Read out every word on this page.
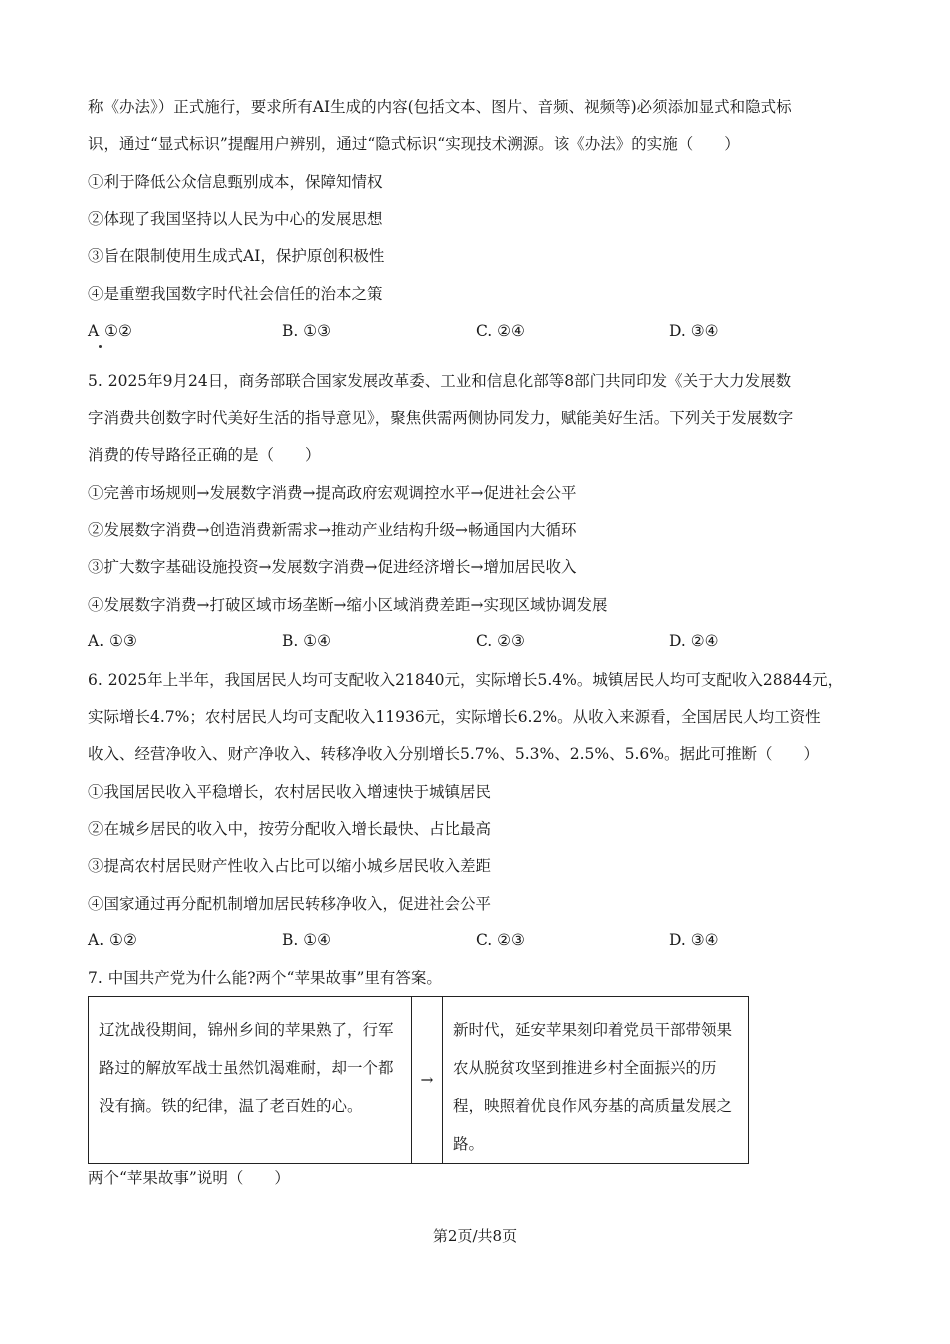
称《办法》）正式施行，要求所有AI生成的内容(包括文本、图片、音频、视频等)必须添加显式和隐式标
识，通过“显式标识”提醒用户辨别，通过“隐式标识“实现技术溯源。该《办法》的实施（　　）
①利于降低公众信息甄别成本，保障知情权
②体现了我国坚持以人民为中心的发展思想
③旨在限制使用生成式AI，保护原创积极性
④是重塑我国数字时代社会信任的治本之策
A ①②	B. ①③	C. ②④	D. ③④
5. 2025年9月24日，商务部联合国家发展改革委、工业和信息化部等8部门共同印发《关于大力发展数
字消费共创数字时代美好生活的指导意见》，聚焦供需两侧协同发力，赋能美好生活。下列关于发展数字
消费的传导路径正确的是（　　）
①完善市场规则→发展数字消费→提高政府宏观调控水平→促进社会公平
②发展数字消费→创造消费新需求→推动产业结构升级→畅通国内大循环
③扩大数字基础设施投资→发展数字消费→促进经济增长→增加居民收入
④发展数字消费→打破区域市场垄断→缩小区域消费差距→实现区域协调发展
A. ①③	B. ①④	C. ②③	D. ②④
6. 2025年上半年，我国居民人均可支配收入21840元，实际增长5.4%。城镇居民人均可支配收入28844元，
实际增长4.7%；农村居民人均可支配收入11936元，实际增长6.2%。从收入来源看，全国居民人均工资性
收入、经营净收入、财产净收入、转移净收入分别增长5.7%、5.3%、2.5%、5.6%。据此可推断（　　）
①我国居民收入平稳增长，农村居民收入增速快于城镇居民
②在城乡居民的收入中，按劳分配收入增长最快、占比最高
③提高农村居民财产性收入占比可以缩小城乡居民收入差距
④国家通过再分配机制增加居民转移净收入，促进社会公平
A. ①②	B. ①④	C. ②③	D. ③④
7. 中国共产党为什么能?两个“苹果故事”里有答案。
辽沈战役期间，锦州乡间的苹果熟了，行军路过的解放军战士虽然饥渴难耐，却一个都没有摘。铁的纪律，温了老百姓的心。	→	新时代，延安苹果刻印着党员干部带领果农从脱贫攻坚到推进乡村全面振兴的历程，映照着优良作风夯基的高质量发展之路。
两个“苹果故事”说明（　　）
第2页/共8页
